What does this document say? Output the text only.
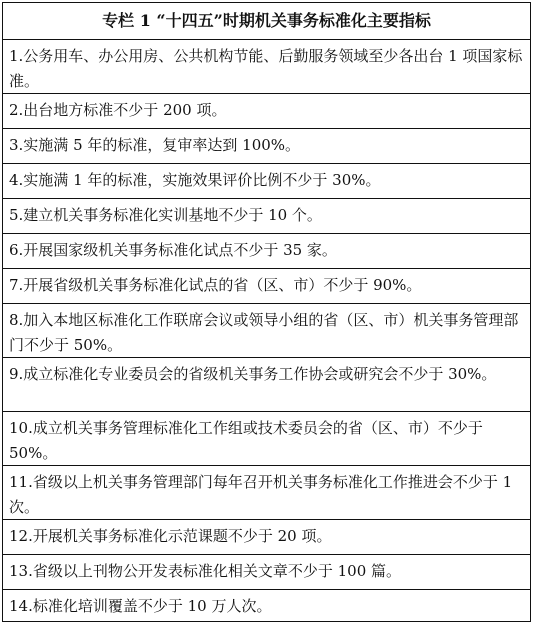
专栏 1 “十四五”时期机关事务标准化主要指标
1.公务用车、办公用房、公共机构节能、后勤服务领域至少各出台 1 项国家标准。
2.出台地方标准不少于 200 项。
3.实施满 5 年的标准，复审率达到 100%。
4.实施满 1 年的标准，实施效果评价比例不少于 30%。
5.建立机关事务标准化实训基地不少于 10 个。
6.开展国家级机关事务标准化试点不少于 35 家。
7.开展省级机关事务标准化试点的省（区、市）不少于 90%。
8.加入本地区标准化工作联席会议或领导小组的省（区、市）机关事务管理部门不少于 50%。
9.成立标准化专业委员会的省级机关事务工作协会或研究会不少于 30%。
10.成立机关事务管理标准化工作组或技术委员会的省（区、市）不少于 50%。
11.省级以上机关事务管理部门每年召开机关事务标准化工作推进会不少于 1 次。
12.开展机关事务标准化示范课题不少于 20 项。
13.省级以上刊物公开发表标准化相关文章不少于 100 篇。
14.标准化培训覆盖不少于 10 万人次。
